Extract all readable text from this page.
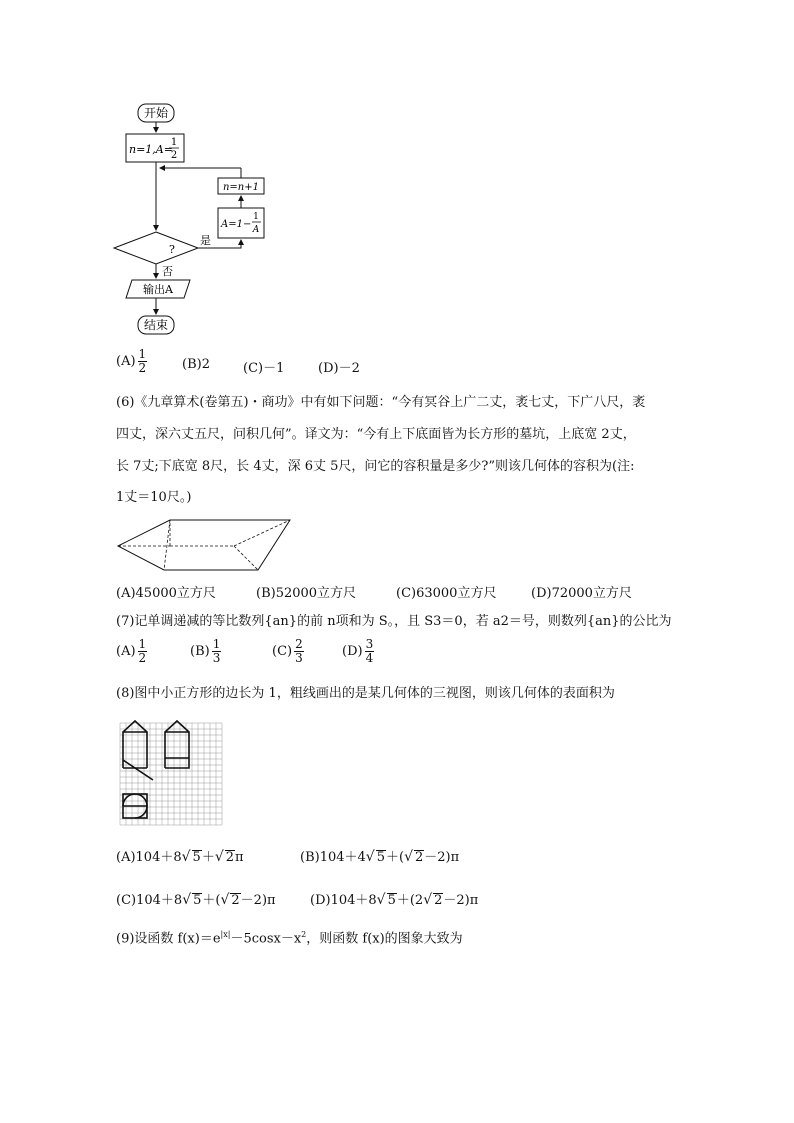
开始
n=1,A=
1
2
n=n+1
A=1−
1
A
?
是
否
输出A
结束
$(A) \frac{1}{2}$	(B)2	(C)－1	(D)－2
(6)《九章算术(卷第五)・商功》中有如下问题：“今有冥谷上广二丈，袤七丈，下广八尺，袤
四丈，深六丈五尺，问积几何”。译文为：“今有上下底面皆为长方形的墓坑，上底宽 2丈，
长 7丈;下底宽 8尺，长 4丈，深 6丈 5尺，问它的容积量是多少?”则该几何体的容积为(注:
1丈＝10尺。)
(A)45000立方尺	(B)52000立方尺	(C)63000立方尺	(D)72000立方尺
(7)记单调递减的等比数列{an}的前 n项和为 S。，且 S3＝0，若 a2＝号，则数列{an}的公比为
$(A) \frac{1}{2}$	$(B) \frac{1}{3}$	$(C) \frac{2}{3}$	$(D) \frac{3}{4}$
(8)图中小正方形的边长为 1，粗线画出的是某几何体的三视图，则该几何体的表面积为
(A)104＋8√ 5＋√ 2π	(B)104＋4√ 5＋(√ 2－2)π
(C)104＋8√ 5＋(√ 2－2)π	(D)104＋8√ 5＋(2√ 2－2)π
(9)设函数 $f(x)=e^{|x|}-5\cos x-x^2$，则函数 f(x)的图象大致为
